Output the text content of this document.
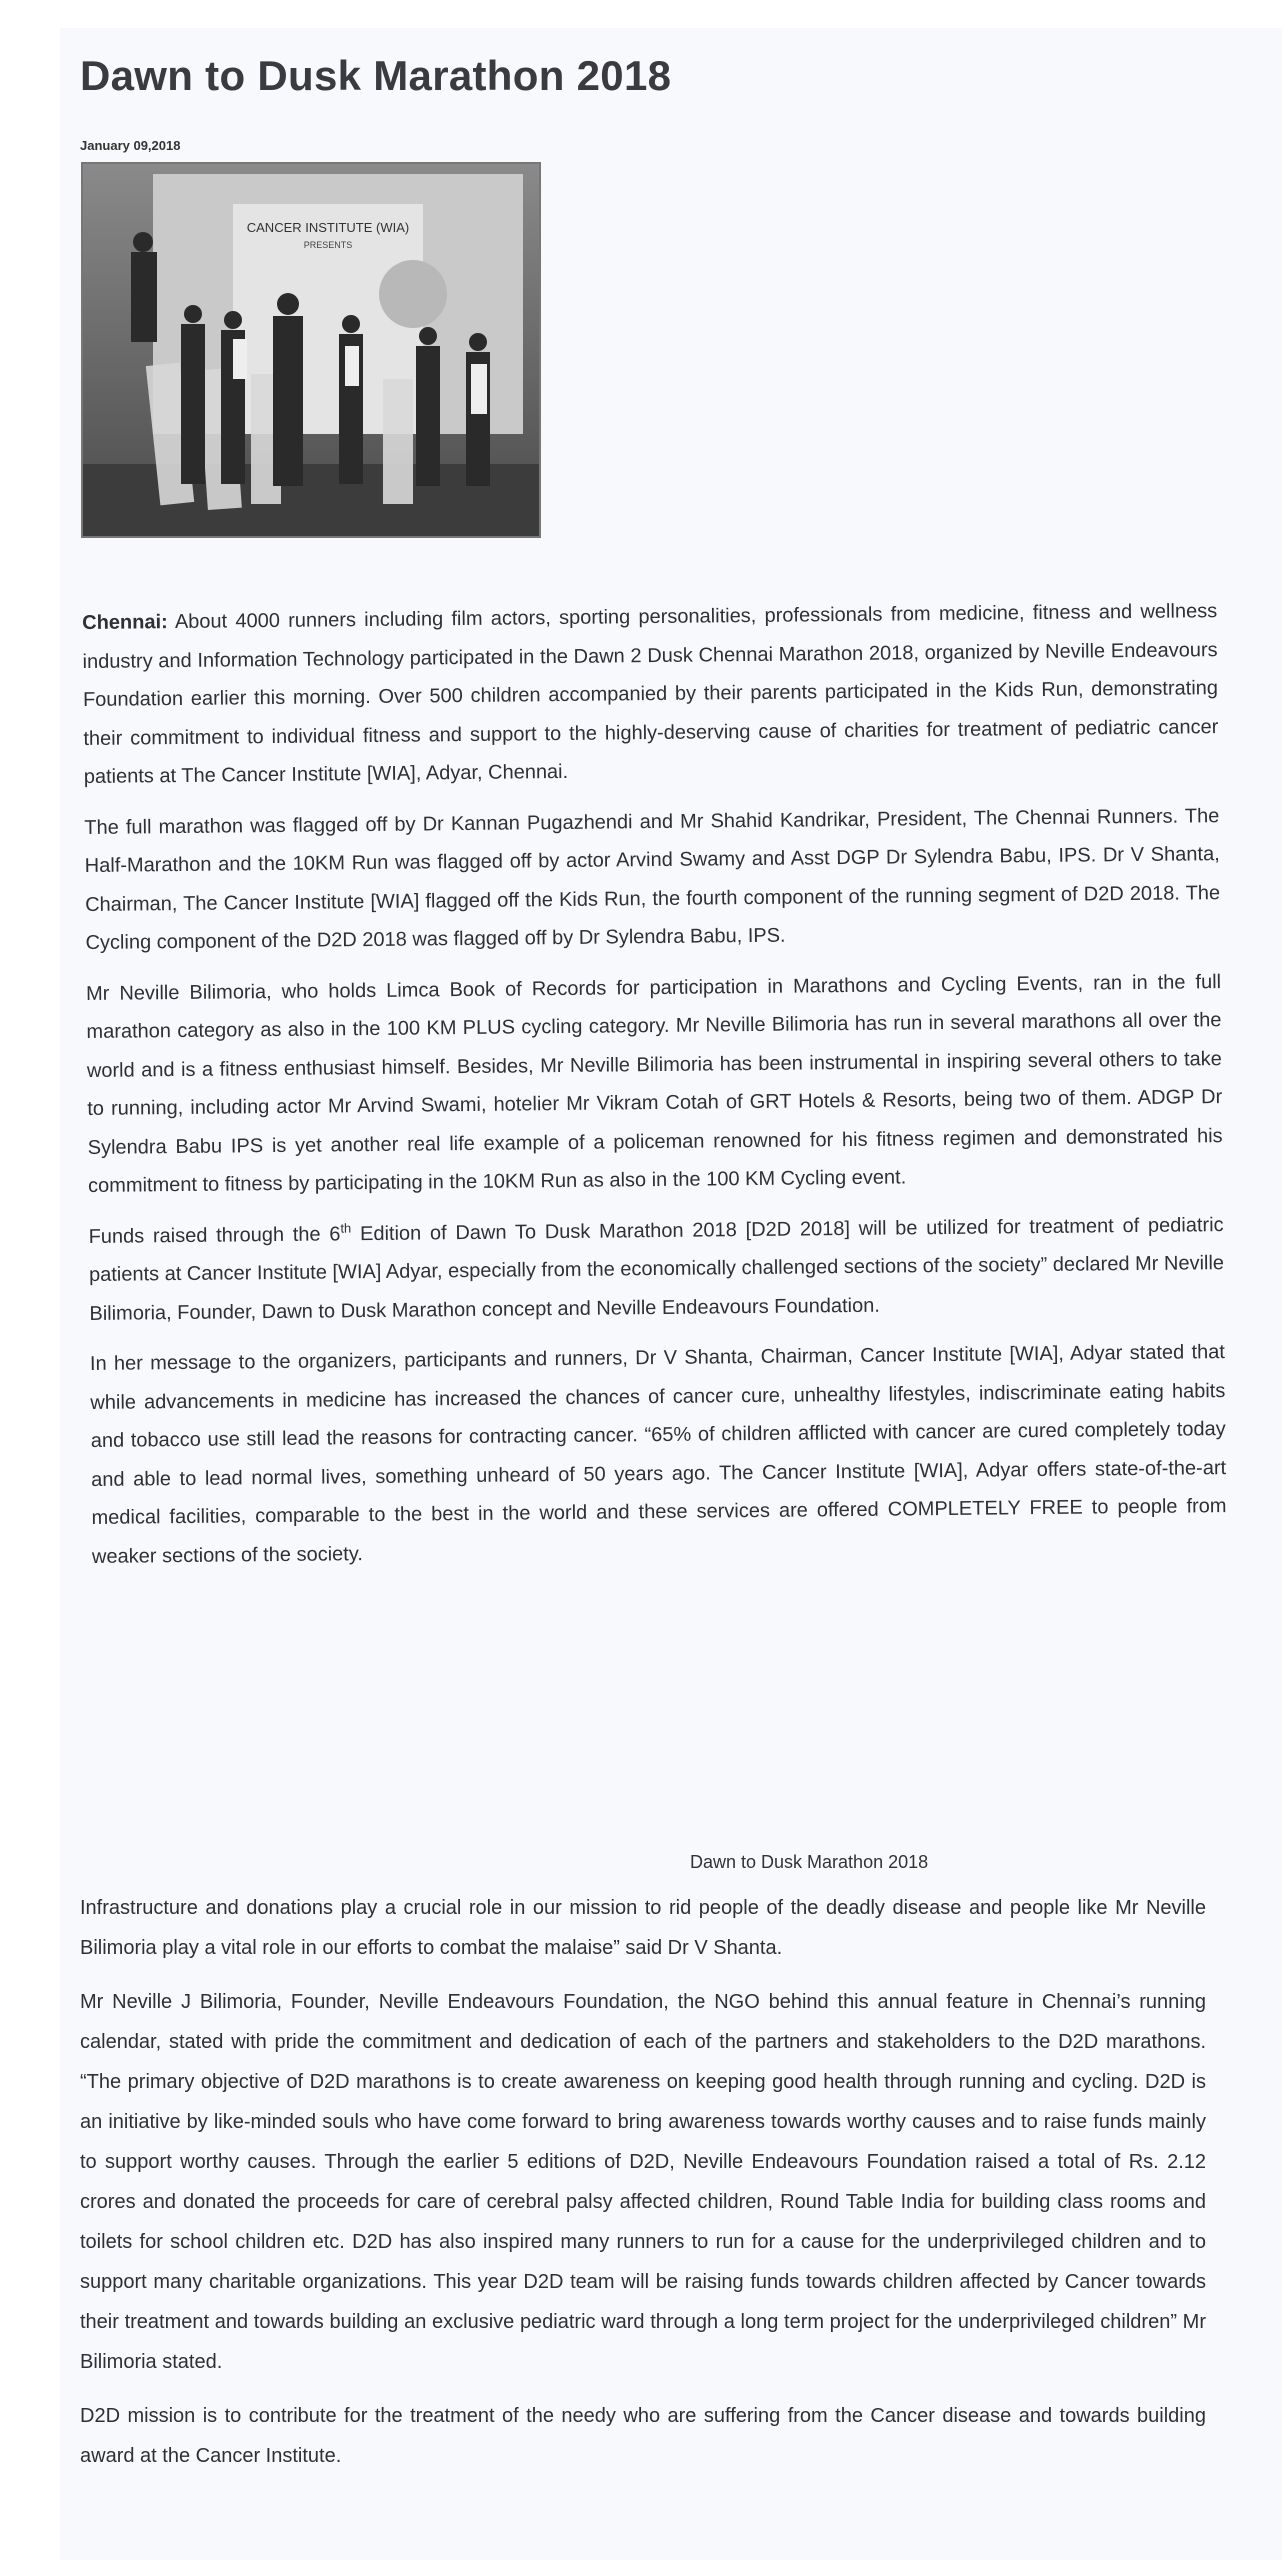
Dawn to Dusk Marathon 2018
January 09,2018
CANCER INSTITUTE (WIA)
PRESENTS

Chennai: About 4000 runners including film actors, sporting personalities, professionals from medicine, fitness and wellness industry and Information Technology participated in the Dawn 2 Dusk Chennai Marathon 2018, organized by Neville Endeavours Foundation earlier this morning. Over 500 children accompanied by their parents participated in the Kids Run, demonstrating their commitment to individual fitness and support to the highly-deserving cause of charities for treatment of pediatric cancer patients at The Cancer Institute [WIA], Adyar, Chennai.

The full marathon was flagged off by Dr Kannan Pugazhendi and Mr Shahid Kandrikar, President, The Chennai Runners. The Half-Marathon and the 10KM Run was flagged off by actor Arvind Swamy and Asst DGP Dr Sylendra Babu, IPS. Dr V Shanta, Chairman, The Cancer Institute [WIA] flagged off the Kids Run, the fourth component of the running segment of D2D 2018. The Cycling component of the D2D 2018 was flagged off by Dr Sylendra Babu, IPS.

Mr Neville Bilimoria, who holds Limca Book of Records for participation in Marathons and Cycling Events, ran in the full marathon category as also in the 100 KM PLUS cycling category. Mr Neville Bilimoria has run in several marathons all over the world and is a fitness enthusiast himself. Besides, Mr Neville Bilimoria has been instrumental in inspiring several others to take to running, including actor Mr Arvind Swami, hotelier Mr Vikram Cotah of GRT Hotels & Resorts, being two of them. ADGP Dr Sylendra Babu IPS is yet another real life example of a policeman renowned for his fitness regimen and demonstrated his commitment to fitness by participating in the 10KM Run as also in the 100 KM Cycling event.

Funds raised through the 6th Edition of Dawn To Dusk Marathon 2018 [D2D 2018] will be utilized for treatment of pediatric patients at Cancer Institute [WIA] Adyar, especially from the economically challenged sections of the society” declared Mr Neville Bilimoria, Founder, Dawn to Dusk Marathon concept and Neville Endeavours Foundation.

In her message to the organizers, participants and runners, Dr V Shanta, Chairman, Cancer Institute [WIA], Adyar stated that while advancements in medicine has increased the chances of cancer cure, unhealthy lifestyles, indiscriminate eating habits and tobacco use still lead the reasons for contracting cancer. “65% of children afflicted with cancer are cured completely today and able to lead normal lives, something unheard of 50 years ago. The Cancer Institute [WIA], Adyar offers state-of-the-art medical facilities, comparable to the best in the world and these services are offered COMPLETELY FREE to people from weaker sections of the society.

Dawn to Dusk Marathon 2018

Infrastructure and donations play a crucial role in our mission to rid people of the deadly disease and people like Mr Neville Bilimoria play a vital role in our efforts to combat the malaise” said Dr V Shanta.

Mr Neville J Bilimoria, Founder, Neville Endeavours Foundation, the NGO behind this annual feature in Chennai’s running calendar, stated with pride the commitment and dedication of each of the partners and stakeholders to the D2D marathons. “The primary objective of D2D marathons is to create awareness on keeping good health through running and cycling. D2D is an initiative by like-minded souls who have come forward to bring awareness towards worthy causes and to raise funds mainly to support worthy causes. Through the earlier 5 editions of D2D, Neville Endeavours Foundation raised a total of Rs. 2.12 crores and donated the proceeds for care of cerebral palsy affected children, Round Table India for building class rooms and toilets for school children etc. D2D has also inspired many runners to run for a cause for the underprivileged children and to support many charitable organizations. This year D2D team will be raising funds towards children affected by Cancer towards their treatment and towards building an exclusive pediatric ward through a long term project for the underprivileged children” Mr Bilimoria stated.

D2D mission is to contribute for the treatment of the needy who are suffering from the Cancer disease and towards building award at the Cancer Institute.
